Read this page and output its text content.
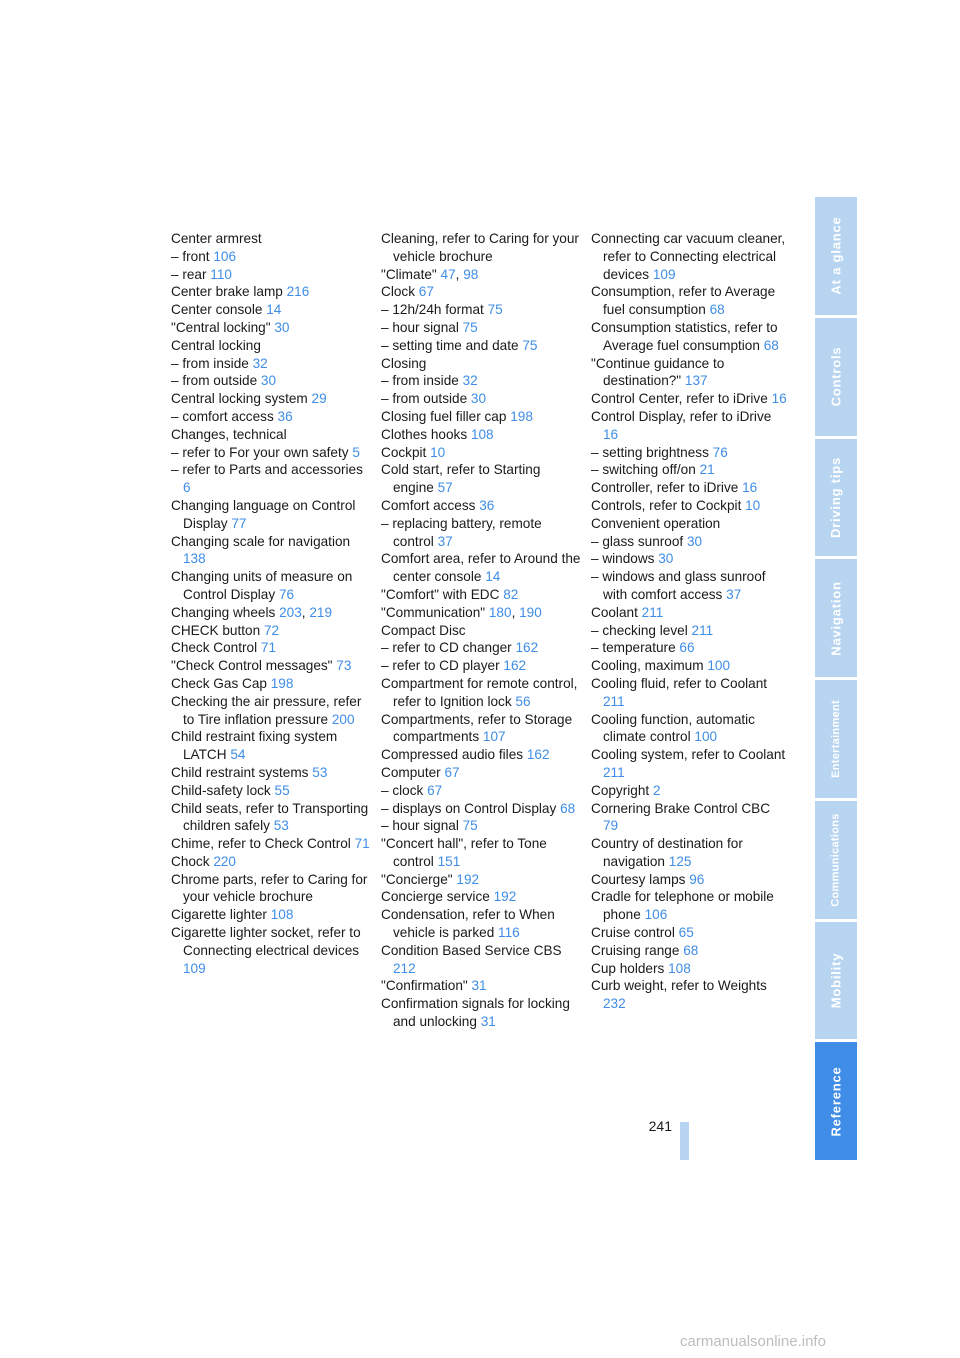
Center armrest

– front 106

– rear 110

Center brake lamp 216

Center console 14

"Central locking" 30

Central locking

– from inside 32

– from outside 30

Central locking system 29

– comfort access 36

Changes, technical

– refer to For your own safety 5

– refer to Parts and accessories 6

Changing language on Control Display 77

Changing scale for navigation 138

Changing units of measure on Control Display 76

Changing wheels 203, 219

CHECK button 72

Check Control 71

"Check Control messages" 73

Check Gas Cap 198

Checking the air pressure, refer to Tire inflation pressure 200

Child restraint fixing system LATCH 54

Child restraint systems 53

Child-safety lock 55

Child seats, refer to Transporting children safely 53

Chime, refer to Check Control 71

Chock 220

Chrome parts, refer to Caring for your vehicle brochure

Cigarette lighter 108

Cigarette lighter socket, refer to Connecting electrical devices 109

Cleaning, refer to Caring for your vehicle brochure

"Climate" 47, 98

Clock 67

– 12h/24h format 75

– hour signal 75

– setting time and date 75

Closing

– from inside 32

– from outside 30

Closing fuel filler cap 198

Clothes hooks 108

Cockpit 10

Cold start, refer to Starting engine 57

Comfort access 36

– replacing battery, remote control 37

Comfort area, refer to Around the center console 14

"Comfort" with EDC 82

"Communication" 180, 190

Compact Disc

– refer to CD changer 162

– refer to CD player 162

Compartment for remote control, refer to Ignition lock 56

Compartments, refer to Storage compartments 107

Compressed audio files 162

Computer 67

– clock 67

– displays on Control Display 68

– hour signal 75

"Concert hall", refer to Tone control 151

"Concierge" 192

Concierge service 192

Condensation, refer to When vehicle is parked 116

Condition Based Service CBS 212

"Confirmation" 31

Confirmation signals for locking and unlocking 31

Connecting car vacuum cleaner, refer to Connecting electrical devices 109

Consumption, refer to Average fuel consumption 68

Consumption statistics, refer to Average fuel consumption 68

"Continue guidance to destination?" 137

Control Center, refer to iDrive 16

Control Display, refer to iDrive 16

– setting brightness 76

– switching off/on 21

Controller, refer to iDrive 16

Controls, refer to Cockpit 10

Convenient operation

– glass sunroof 30

– windows 30

– windows and glass sunroof with comfort access 37

Coolant 211

– checking level 211

– temperature 66

Cooling, maximum 100

Cooling fluid, refer to Coolant 211

Cooling function, automatic climate control 100

Cooling system, refer to Coolant 211

Copyright 2

Cornering Brake Control CBC 79

Country of destination for navigation 125

Courtesy lamps 96

Cradle for telephone or mobile phone 106

Cruise control 65

Cruising range 68

Cup holders 108

Curb weight, refer to Weights 232

At a glance
Controls
Driving tips
Navigation
Entertainment
Communications
Mobility
Reference
241
carmanualsonline.info
